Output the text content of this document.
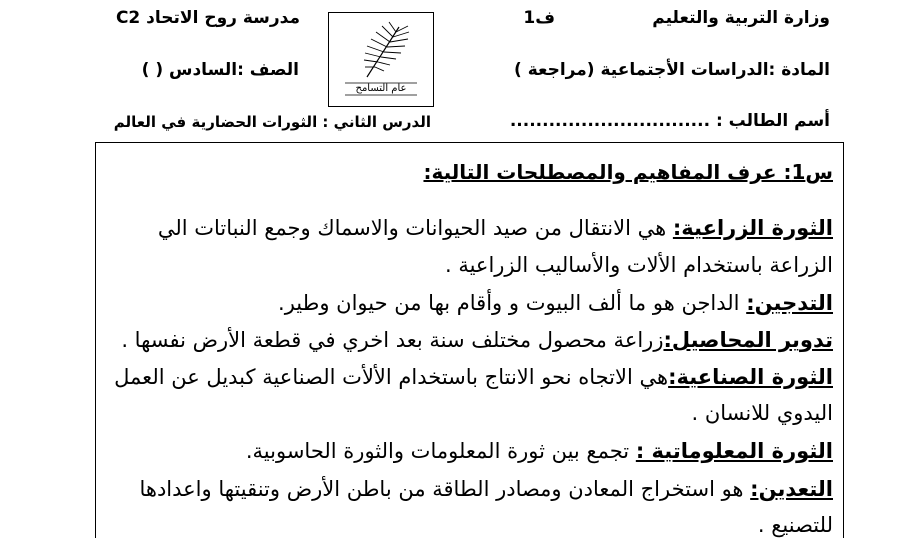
وزارة التربية والتعليم
ف1
مدرسة روح الاتحاد C2
عام التسامح
المادة :الدراسات الأجتماعية (مراجعة )
الصف :السادس ( )
أسم الطالب : ...............................
الدرس الثاني : الثورات الحضارية في العالم
س1: عرف المفاهيم والمصطلحات التالية:
الثورة الزراعية: هي الانتقال من صيد الحيوانات والاسماك وجمع النباتات الي
الزراعة باستخدام الألات والأساليب الزراعية .
التدجين: الداجن هو ما ألف البيوت و وأقام بها من حيوان وطير.
تدوير المحاصيل:زراعة محصول مختلف سنة بعد اخري في قطعة الأرض نفسها .
الثورة الصناعية:هي الاتجاه نحو الانتاج باستخدام الألأت الصناعية كبديل عن العمل
اليدوي للانسان .
الثورة المعلوماتية : تجمع بين ثورة المعلومات والثورة الحاسوبية.
التعدين: هو استخراج المعادن ومصادر الطاقة من باطن الأرض وتنقيتها واعدادها
للتصنيع .
